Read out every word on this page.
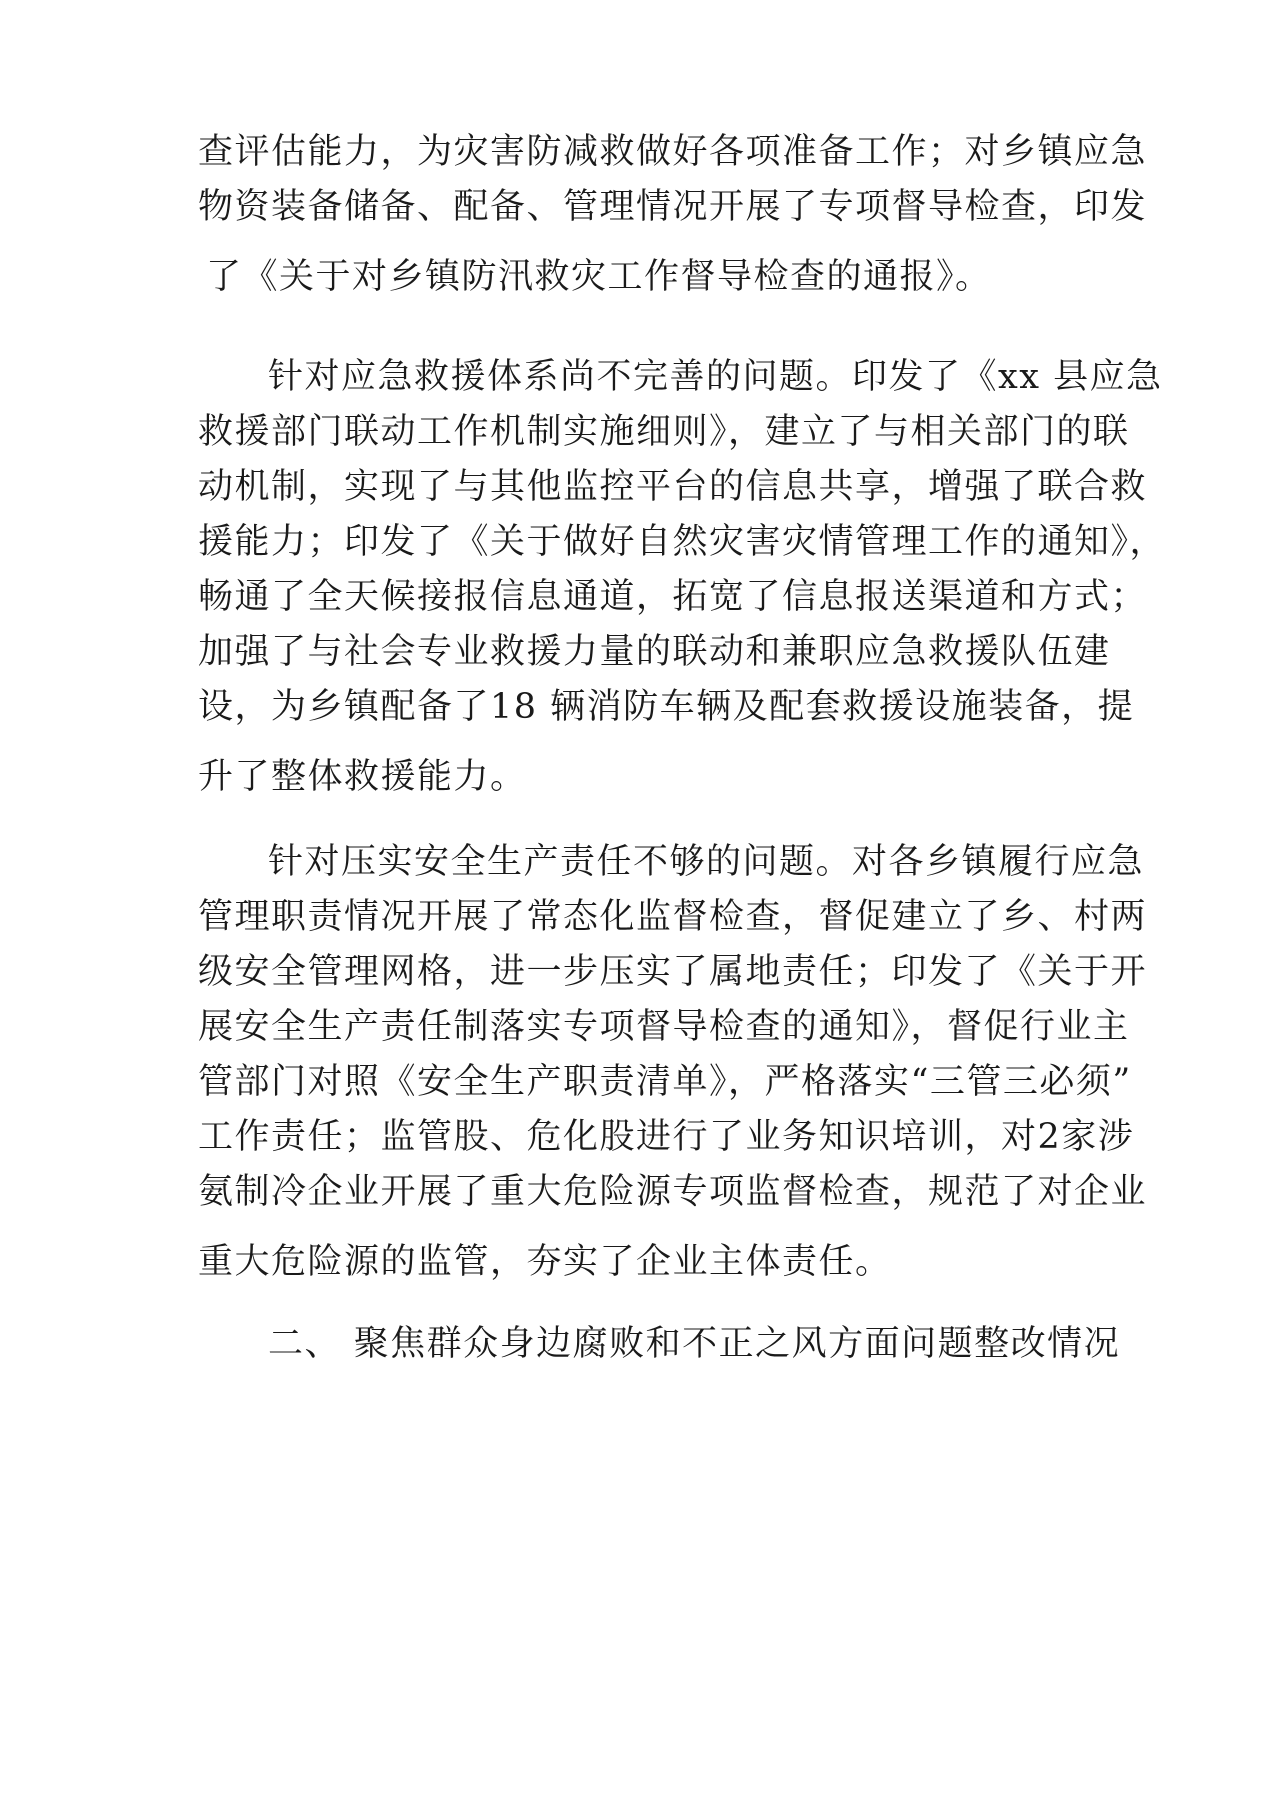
查评估能力，为灾害防减救做好各项准备工作；对乡镇应急
物资装备储备、配备、管理情况开展了专项督导检查，印发
了《关于对乡镇防汛救灾工作督导检查的通报》。
针对应急救援体系尚不完善的问题。印发了《xx 县应急
救援部门联动工作机制实施细则》，建立了与相关部门的联
动机制，实现了与其他监控平台的信息共享，增强了联合救
援能力；印发了《关于做好自然灾害灾情管理工作的通知》，
畅通了全天候接报信息通道，拓宽了信息报送渠道和方式；
加强了与社会专业救援力量的联动和兼职应急救援队伍建
设，为乡镇配备了18 辆消防车辆及配套救援设施装备，提
升了整体救援能力。
针对压实安全生产责任不够的问题。对各乡镇履行应急
管理职责情况开展了常态化监督检查，督促建立了乡、村两
级安全管理网格，进一步压实了属地责任；印发了《关于开
展安全生产责任制落实专项督导检查的通知》，督促行业主
管部门对照《安全生产职责清单》，严格落实“三管三必须”
工作责任；监管股、危化股进行了业务知识培训，对2家涉
氨制冷企业开展了重大危险源专项监督检查，规范了对企业
重大危险源的监管，夯实了企业主体责任。
二、 聚焦群众身边腐败和不正之风方面问题整改情况
